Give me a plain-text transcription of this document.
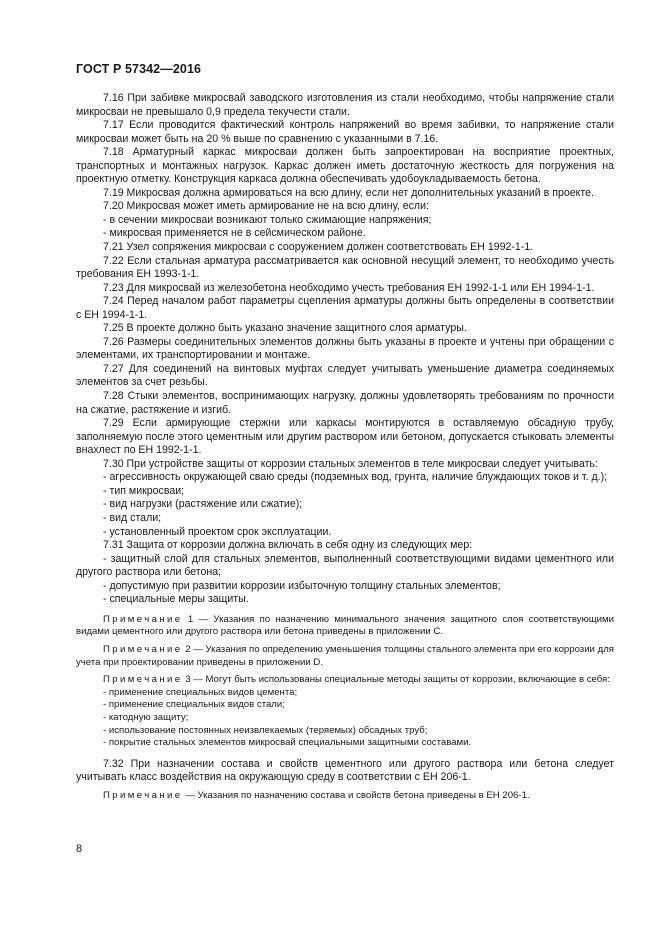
ГОСТ Р 57342—2016

7.16 При забивке микросвай заводского изготовления из стали необходимо, чтобы напряжение стали микросваи не превышало 0,9 предела текучести стали.

7.17 Если проводится фактический контроль напряжений во время забивки, то напряжение стали микросваи может быть на 20 % выше по сравнению с указанными в 7.16.

7.18 Арматурный каркас микросваи должен быть запроектирован на восприятие проектных, транспортных и монтажных нагрузок. Каркас должен иметь достаточную жесткость для погружения на проектную отметку. Конструкция каркаса должна обеспечивать удобоукладываемость бетона.

7.19 Микросвая должна армироваться на всю длину, если нет дополнительных указаний в проекте.

7.20 Микросвая может иметь армирование не на всю длину, если:

- в сечении микросваи возникают только сжимающие напряжения;

- микросвая применяется не в сейсмическом районе.

7.21 Узел сопряжения микросваи с сооружением должен соответствовать ЕН 1992-1-1.

7.22 Если стальная арматура рассматривается как основной несущий элемент, то необходимо учесть требования ЕН 1993-1-1.

7.23 Для микросвай из железобетона необходимо учесть требования ЕН 1992-1-1 или ЕН 1994-1-1.

7.24 Перед началом работ параметры сцепления арматуры должны быть определены в соответствии с ЕН 1994-1-1.

7.25 В проекте должно быть указано значение защитного слоя арматуры.

7.26 Размеры соединительных элементов должны быть указаны в проекте и учтены при обращении с элементами, их транспортировании и монтаже.

7.27 Для соединений на винтовых муфтах следует учитывать уменьшение диаметра соединяемых элементов за счет резьбы.

7.28 Стыки элементов, воспринимающих нагрузку, должны удовлетворять требованиям по прочности на сжатие, растяжение и изгиб.

7.29 Если армирующие стержни или каркасы монтируются в оставляемую обсадную трубу, заполняемую после этого цементным или другим раствором или бетоном, допускается стыковать элементы внахлест по ЕН 1992-1-1.

7.30 При устройстве защиты от коррозии стальных элементов в теле микросваи следует учитывать:

- агрессивность окружающей сваю среды (подземных вод, грунта, наличие блуждающих токов и т. д.);

- тип микросваи;

- вид нагрузки (растяжение или сжатие);

- вид стали;

- установленный проектом срок эксплуатации.

7.31 Защита от коррозии должна включать в себя одну из следующих мер:

- защитный слой для стальных элементов, выполненный соответствующими видами цементного или другого раствора или бетона;

- допустимую при развитии коррозии избыточную толщину стальных элементов;

- специальные меры защиты.

Примечание 1 — Указания по назначению минимального значения защитного слоя соответствующими видами цементного или другого раствора или бетона приведены в приложении С.

Примечание 2 — Указания по определению уменьшения толщины стального элемента при его коррозии для учета при проектировании приведены в приложении D.

Примечание 3 — Могут быть использованы специальные методы защиты от коррозии, включающие в себя:

- применение специальных видов цемента;

- применение специальных видов стали;

- катодную защиту;

- использование постоянных неизвлекаемых (теряемых) обсадных труб;

- покрытие стальных элементов микросвай специальными защитными составами.

7.32 При назначении состава и свойств цементного или другого раствора или бетона следует учитывать класс воздействия на окружающую среду в соответствии с ЕН 206-1.

Примечание — Указания по назначению состава и свойств бетона приведены в ЕН 206-1.

8
